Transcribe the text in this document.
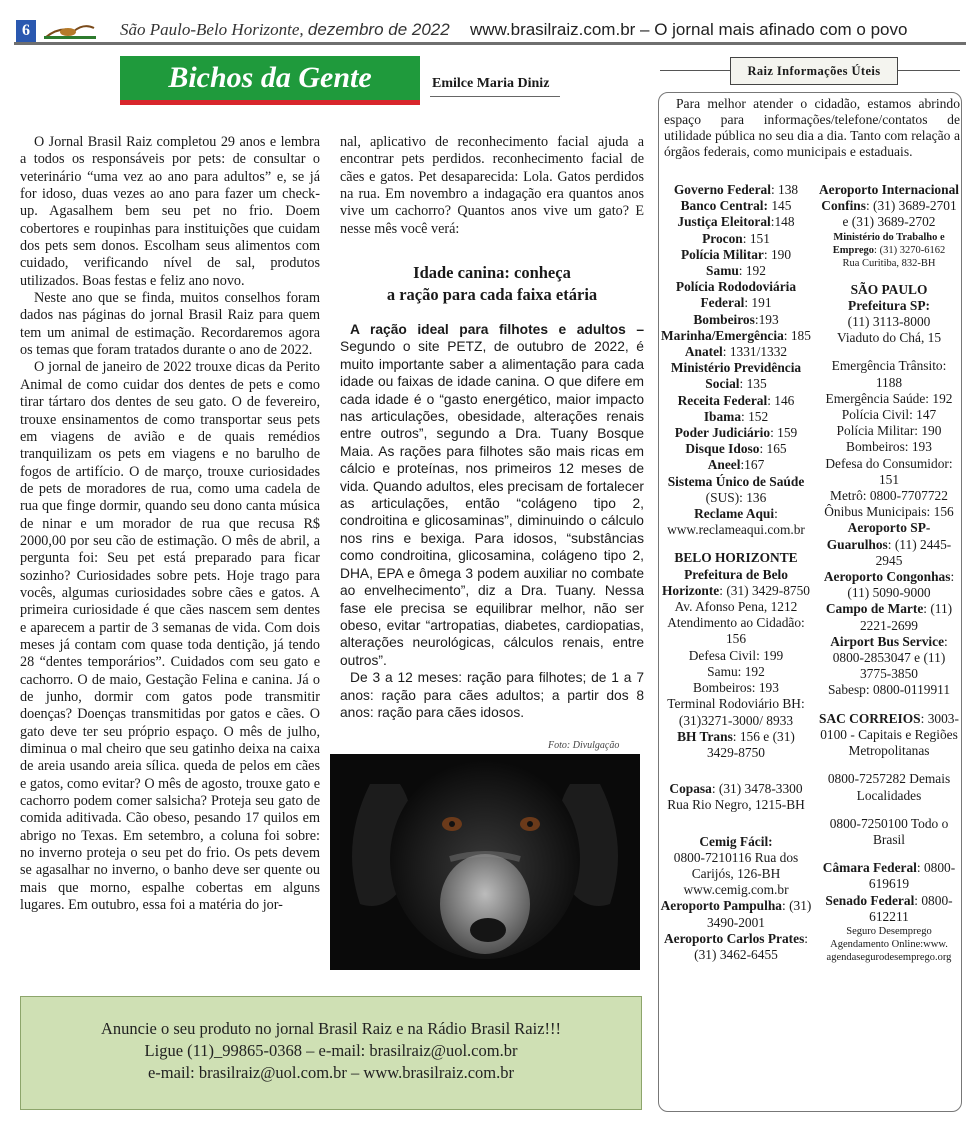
6	São Paulo-Belo Horizonte, dezembro de 2022 www.brasilraiz.com.br – O jornal mais afinado com o povo
Bichos da Gente	Emilce Maria Diniz

O Jornal Brasil Raiz completou 29 anos e lembra a todos os responsáveis por pets: de consultar o veterinário “uma vez ao ano para adultos” e, se já for idoso, duas vezes ao ano para fazer um check-up. Agasalhem bem seu pet no frio. Doem cobertores e roupinhas para instituições que cuidam dos pets sem donos. Escolham seus alimentos com cuidado, verificando nível de sal, produtos utilizados. Boas festas e feliz ano novo.

Neste ano que se finda, muitos conselhos foram dados nas páginas do jornal Brasil Raiz para quem tem um animal de estimação. Recordaremos agora os temas que foram tratados durante o ano de 2022.

O jornal de janeiro de 2022 trouxe dicas da Perito Animal de como cuidar dos dentes de pets e como tirar tártaro dos dentes de seu gato. O de fevereiro, trouxe ensinamentos de como transportar seus pets em viagens de avião e de quais remédios tranquilizam os pets em viagens e no barulho de fogos de artifício. O de março, trouxe curiosidades de pets de moradores de rua, como uma cadela de rua que finge dormir, quando seu dono canta música de ninar e um morador de rua que recusa R$ 2000,00 por seu cão de estimação. O mês de abril, a pergunta foi: Seu pet está preparado para ficar sozinho? Curiosidades sobre pets. Hoje trago para vocês, algumas curiosidades sobre cães e gatos. A primeira curiosidade é que cães nascem sem dentes e aparecem a partir de 3 semanas de vida. Com dois meses já contam com quase toda dentição, já tendo 28 “dentes temporários”. Cuidados com seu gato e cachorro. O de maio, Gestação Felina e canina. Já o de junho, dormir com gatos pode transmitir doenças? Doenças transmitidas por gatos e cães. O gato deve ter seu próprio espaço. O mês de julho, diminua o mal cheiro que seu gatinho deixa na caixa de areia usando areia sílica. queda de pelos em cães e gatos, como evitar? O mês de agosto, trouxe gato e cachorro podem comer salsicha? Proteja seu gato de comida aditivada. Cão obeso, pesando 17 quilos em abrigo no Texas. Em setembro, a coluna foi sobre: no inverno proteja o seu pet do frio. Os pets devem se agasalhar no inverno, o banho deve ser quente ou mais que morno, espalhe cobertas em alguns lugares. Em outubro, essa foi a matéria do jor-

nal, aplicativo de reconhecimento facial ajuda a encontrar pets perdidos. reconhecimento facial de cães e gatos. Pet desaparecida: Lola. Gatos perdidos na rua. Em novembro a indagação era quantos anos vive um cachorro? Quantos anos vive um gato? E nesse mês você verá:

Idade canina: conheça
a ração para cada faixa etária

A ração ideal para filhotes e adultos – Segundo o site PETZ, de outubro de 2022, é muito importante saber a alimentação para cada idade ou faixas de idade canina. O que difere em cada idade é o “gasto energético, maior impacto nas articulações, obesidade, alterações renais entre outros”, segundo a Dra. Tuany Bosque Maia. As rações para filhotes são mais ricas em cálcio e proteínas, nos primeiros 12 meses de vida. Quando adultos, eles precisam de fortalecer as articulações, então “colágeno tipo 2, condroitina e glicosaminas”, diminuindo o cálculo nos rins e bexiga. Para idosos, “substâncias como condroitina, glicosamina, colágeno tipo 2, DHA, EPA e ômega 3 podem auxiliar no combate ao envelhecimento”, diz a Dra. Tuany. Nessa fase ele precisa se equilibrar melhor, não ser obeso, evitar “artropatias, diabetes, cardiopatias, alterações neurológicas, cálculos renais, entre outros”.

De 3 a 12 meses: ração para filhotes; de 1 a 7 anos: ração para cães adultos; a partir dos 8 anos: ração para cães idosos.

Foto: Divulgação
Anuncie o seu produto no jornal Brasil Raiz e na Rádio Brasil Raiz!!!
Ligue (11)_99865-0368 – e-mail: brasilraiz@uol.com.br
e-mail: brasilraiz@uol.com.br – www.brasilraiz.com.br
Raiz Informações Úteis
Para melhor atender o cidadão, estamos abrindo espaço para informações/telefone/contatos de utilidade pública no seu dia a dia. Tanto com relação a órgãos federais, como municipais e estaduais.
Governo Federal: 138
Banco Central: 145
Justiça Eleitoral:148
Procon: 151
Polícia Militar: 190
Samu: 192
Polícia Rododoviária Federal: 191
Bombeiros:193
Marinha/Emergência: 185
Anatel: 1331/1332
Ministério Previdência Social: 135
Receita Federal: 146
Ibama: 152
Poder Judiciário: 159
Disque Idoso: 165
Aneel:167
Sistema Único de Saúde (SUS): 136
Reclame Aqui:
www.reclameaqui.com.br
BELO HORIZONTE
Prefeitura de Belo Horizonte: (31) 3429-8750
Av. Afonso Pena, 1212
Atendimento ao Cidadão: 156
Defesa Civil: 199
Samu: 192
Bombeiros: 193
Terminal Rodoviário BH: (31)3271-3000/ 8933
BH Trans: 156 e (31) 3429-8750
Copasa: (31) 3478-3300
Rua Rio Negro, 1215-BH
Cemig Fácil:
0800-7210116 Rua dos Carijós, 126-BH www.cemig.com.br
Aeroporto Pampulha: (31) 3490-2001
Aeroporto Carlos Prates: (31) 3462-6455
Aeroporto Internacional Confins: (31) 3689-2701 e (31) 3689-2702
Ministério do Trabalho e Emprego: (31) 3270-6162
Rua Curitiba, 832-BH
SÃO PAULO
Prefeitura SP:
(11) 3113-8000
Viaduto do Chá, 15
Emergência Trânsito: 1188
Emergência Saúde: 192
Polícia Civil: 147
Polícia Militar: 190
Bombeiros: 193
Defesa do Consumidor: 151
Metrô: 0800-7707722
Ônibus Municipais: 156
Aeroporto SP-Guarulhos: (11) 2445-2945
Aeroporto Congonhas: (11) 5090-9000
Campo de Marte: (11) 2221-2699
Airport Bus Service: 0800-2853047 e (11) 3775-3850
Sabesp: 0800-0119911
SAC CORREIOS: 3003-0100 - Capitais e Regiões Metropolitanas
0800-7257282 Demais Localidades
0800-7250100 Todo o Brasil
Câmara Federal: 0800-619619
Senado Federal: 0800-612211
Seguro Desemprego Agendamento Online:www. agendasegurodesemprego.org
